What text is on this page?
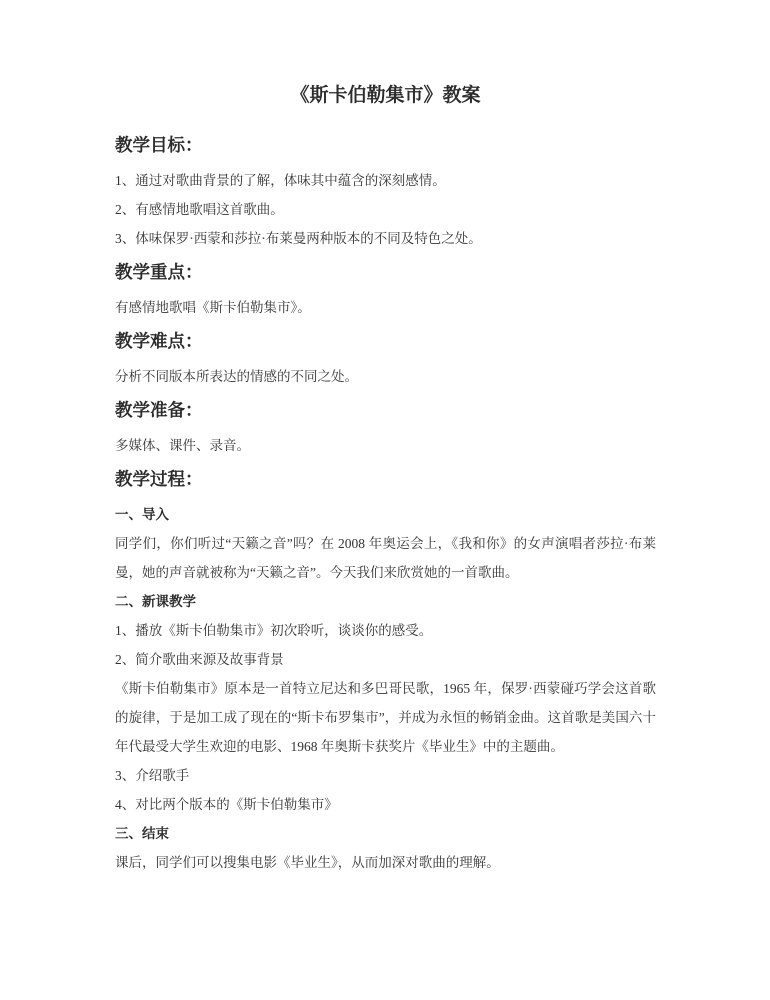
《斯卡伯勒集市》教案
教学目标：

1、通过对歌曲背景的了解，体味其中蕴含的深刻感情。

2、有感情地歌唱这首歌曲。

3、体味保罗·西蒙和莎拉·布莱曼两种版本的不同及特色之处。

教学重点：

有感情地歌唱《斯卡伯勒集市》。

教学难点：

分析不同版本所表达的情感的不同之处。

教学准备：

多媒体、课件、录音。

教学过程：

一、导入

同学们，你们听过“天籁之音”吗？在 2008 年奥运会上，《我和你》的女声演唱者莎拉·布莱曼，她的声音就被称为“天籁之音”。今天我们来欣赏她的一首歌曲。

二、新课教学

1、播放《斯卡伯勒集市》初次聆听，谈谈你的感受。

2、简介歌曲来源及故事背景

《斯卡伯勒集市》原本是一首特立尼达和多巴哥民歌，1965 年，保罗·西蒙碰巧学会这首歌的旋律，于是加工成了现在的“斯卡布罗集市”，并成为永恒的畅销金曲。这首歌是美国六十年代最受大学生欢迎的电影、1968 年奥斯卡获奖片《毕业生》中的主题曲。

3、介绍歌手

4、对比两个版本的《斯卡伯勒集市》

三、结束

课后，同学们可以搜集电影《毕业生》，从而加深对歌曲的理解。
